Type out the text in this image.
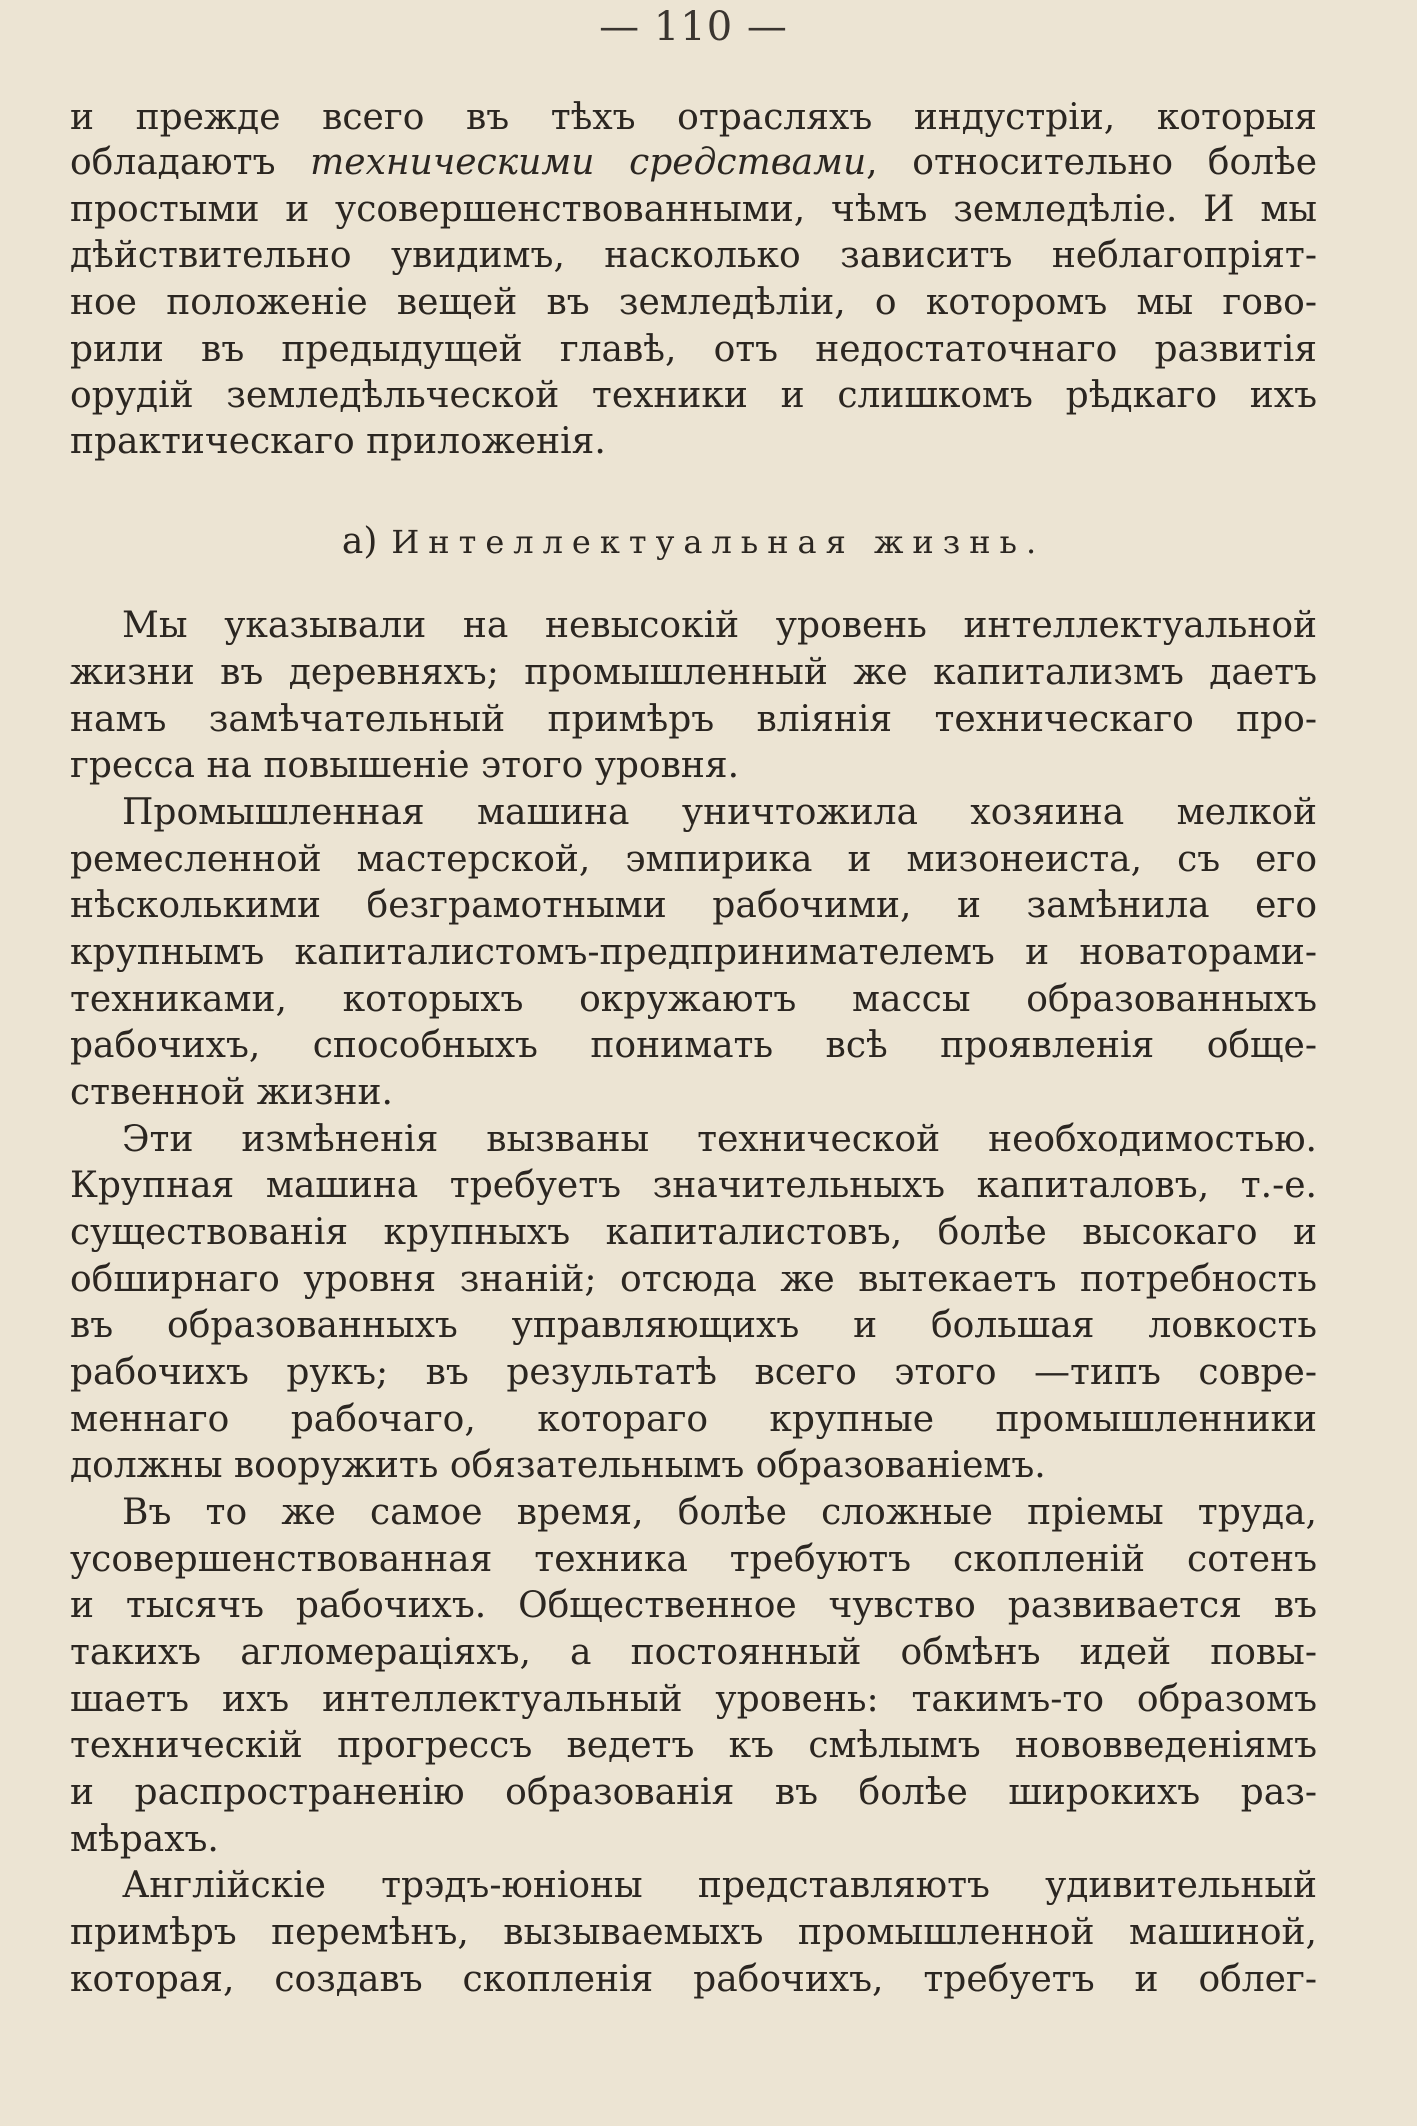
— 110 —
и прежде всего въ тѣхъ отрасляхъ индустріи, которыя
обладаютъ техническими средствами, относительно болѣе
простыми и усовершенствованными, чѣмъ земледѣліе. И мы
дѣйствительно увидимъ, насколько зависитъ неблагопріят-
ное положеніе вещей въ земледѣліи, о которомъ мы гово-
рили въ предыдущей главѣ, отъ недостаточнаго развитія
орудій земледѣльческой техники и слишкомъ рѣдкаго ихъ
практическаго приложенія.
a) Интеллектуальная жизнь.
Мы указывали на невысокій уровень интеллектуальной
жизни въ деревняхъ; промышленный же капитализмъ даетъ
намъ замѣчательный примѣръ вліянія техническаго про-
гресса на повышеніе этого уровня.
Промышленная машина уничтожила хозяина мелкой
ремесленной мастерской, эмпирика и мизонеиста, съ его
нѣсколькими безграмотными рабочими, и замѣнила его
крупнымъ капиталистомъ-предпринимателемъ и новаторами-
техниками, которыхъ окружаютъ массы образованныхъ
рабочихъ, способныхъ понимать всѣ проявленія обще-
ственной жизни.
Эти измѣненія вызваны технической необходимостью.
Крупная машина требуетъ значительныхъ капиталовъ, т.-е.
существованія крупныхъ капиталистовъ, болѣе высокаго и
обширнаго уровня знаній; отсюда же вытекаетъ потребность
въ образованныхъ управляющихъ и большая ловкость
рабочихъ рукъ; въ результатѣ всего этого —типъ совре-
меннаго рабочаго, котораго крупные промышленники
должны вооружить обязательнымъ образованіемъ.
Въ то же самое время, болѣе сложные пріемы труда,
усовершенствованная техника требуютъ скопленій сотенъ
и тысячъ рабочихъ. Общественное чувство развивается въ
такихъ агломераціяхъ, а постоянный обмѣнъ идей повы-
шаетъ ихъ интеллектуальный уровень: такимъ-то образомъ
техническій прогрессъ ведетъ къ смѣлымъ нововведеніямъ
и распространенію образованія въ болѣе широкихъ раз-
мѣрахъ.
Англійскіе трэдъ-юніоны представляютъ удивительный
примѣръ перемѣнъ, вызываемыхъ промышленной машиной,
которая, создавъ скопленія рабочихъ, требуетъ и облег-
